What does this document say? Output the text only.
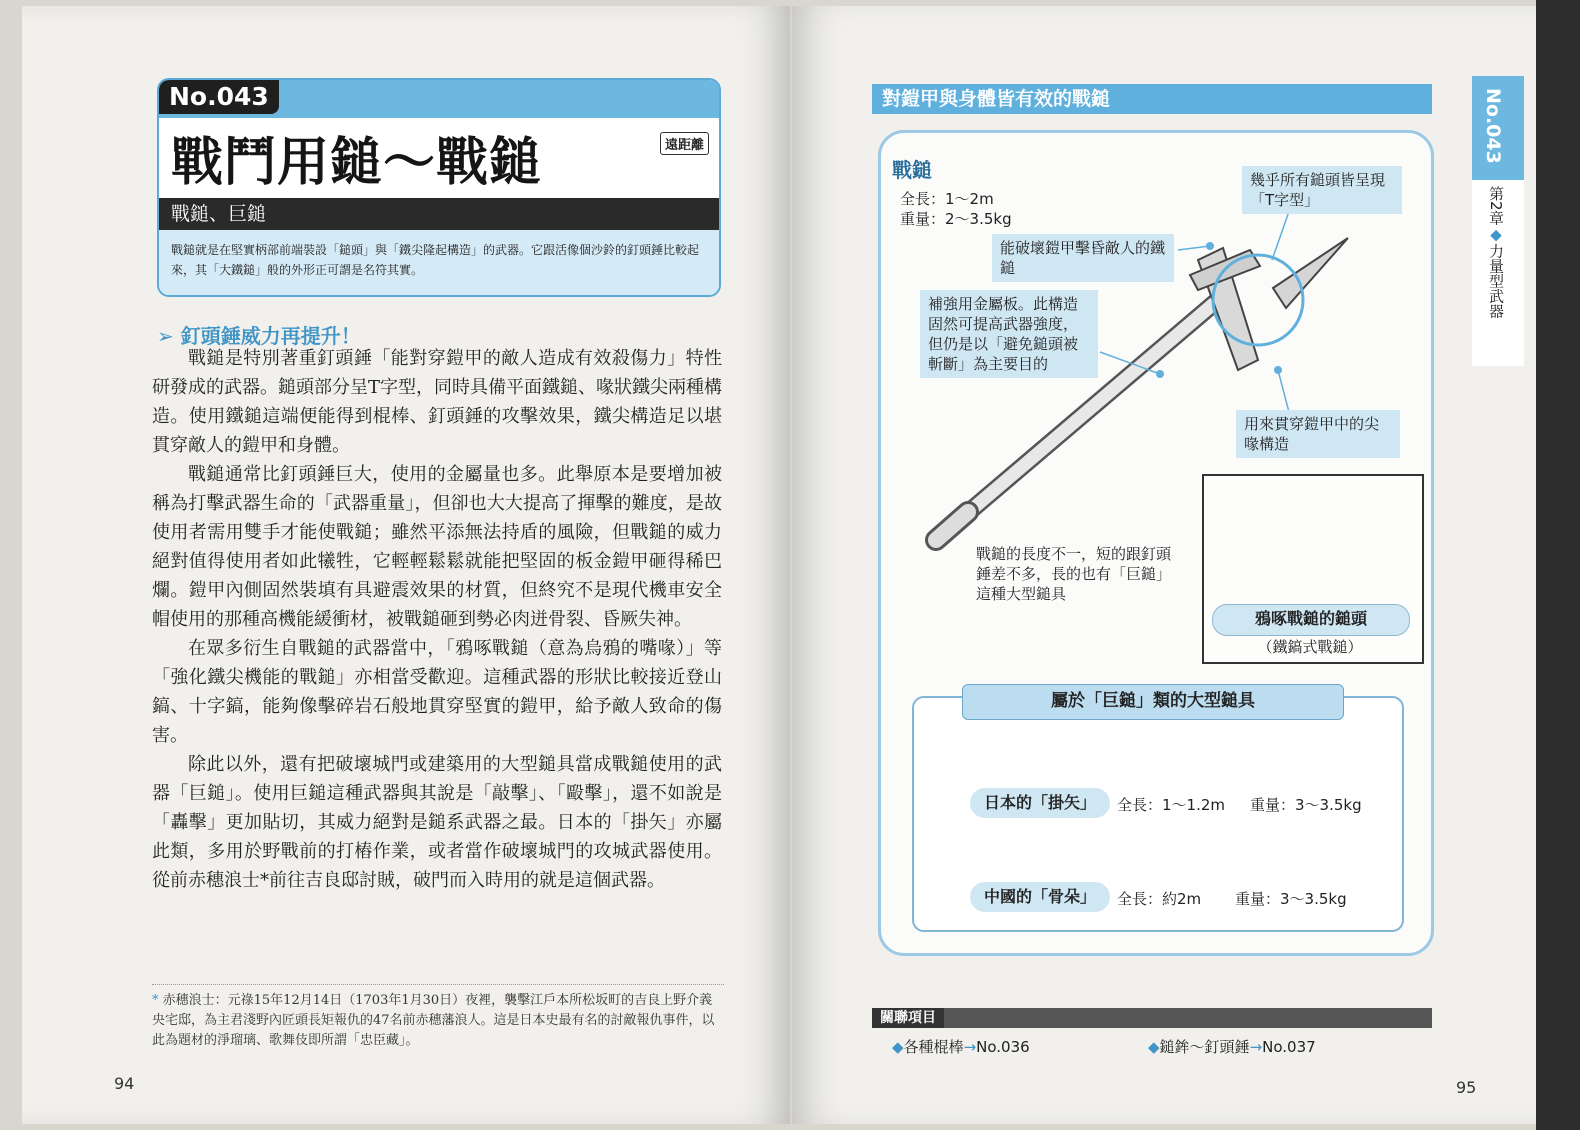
No.043
戰鬥用鎚～戰鎚	遠距離
戰鎚、巨鎚
戰鎚就是在堅實柄部前端裝設「鎚頭」與「鐵尖隆起構造」的武器。它跟活像個沙鈴的釘頭錘比較起來，其「大鐵鎚」般的外形正可謂是名符其實。
➢ 釘頭錘威力再提升！

戰鎚是特別著重釘頭錘「能對穿鎧甲的敵人造成有效殺傷力」特性研發成的武器。鎚頭部分呈T字型，同時具備平面鐵鎚、喙狀鐵尖兩種構造。使用鐵鎚這端便能得到棍棒、釘頭錘的攻擊效果，鐵尖構造足以堪貫穿敵人的鎧甲和身體。

戰鎚通常比釘頭錘巨大，使用的金屬量也多。此舉原本是要增加被稱為打擊武器生命的「武器重量」，但卻也大大提高了揮擊的難度，是故使用者需用雙手才能使戰鎚；雖然平添無法持盾的風險，但戰鎚的威力絕對值得使用者如此犧牲，它輕輕鬆鬆就能把堅固的板金鎧甲砸得稀巴爛。鎧甲內側固然裝填有具避震效果的材質，但終究不是現代機車安全帽使用的那種高機能緩衝材，被戰鎚砸到勢必肉迸骨裂、昏厥失神。

在眾多衍生自戰鎚的武器當中，「鴉啄戰鎚（意為烏鴉的嘴喙）」等「強化鐵尖機能的戰鎚」亦相當受歡迎。這種武器的形狀比較接近登山鎬、十字鎬，能夠像擊碎岩石般地貫穿堅實的鎧甲，給予敵人致命的傷害。

除此以外，還有把破壞城門或建築用的大型鎚具當成戰鎚使用的武器「巨鎚」。使用巨鎚這種武器與其說是「敲擊」、「毆擊」，還不如說是「轟擊」更加貼切，其威力絕對是鎚系武器之最。日本的「掛矢」亦屬此類，多用於野戰前的打樁作業，或者當作破壞城門的攻城武器使用。從前赤穗浪士*前往吉良邸討賊，破門而入時用的就是這個武器。

* 赤穗浪士：元祿15年12月14日（1703年1月30日）夜裡，襲擊江戶本所松坂町的吉良上野介義央宅邸，為主君淺野內匠頭長矩報仇的47名前赤穗藩浪人。這是日本史最有名的討敵報仇事件，以此為題材的淨瑠璃、歌舞伎即所謂「忠臣藏」。
94
對鎧甲與身體皆有效的戰鎚	No.043
第2章◆力量型武器
戰鎚
全長：1～2m
重量：2～3.5kg
幾乎所有鎚頭皆呈現「T字型」
能破壞鎧甲擊昏敵人的鐵鎚
補強用金屬板。此構造固然可提高武器強度，但仍是以「避免鎚頭被斬斷」為主要目的
用來貫穿鎧甲中的尖喙構造
戰鎚的長度不一，短的跟釘頭錘差不多，長的也有「巨鎚」這種大型鎚具
鴉啄戰鎚的鎚頭
（鐵鎬式戰鎚）
屬於「巨鎚」類的大型鎚具
日本的「掛矢」	全長：1～1.2m 重量：3～3.5kg
中國的「骨朵」	全長：約2m 重量：3～3.5kg
關聯項目
◆各種棍棒→No.036	◆鎚鉾～釘頭錘→No.037
95
